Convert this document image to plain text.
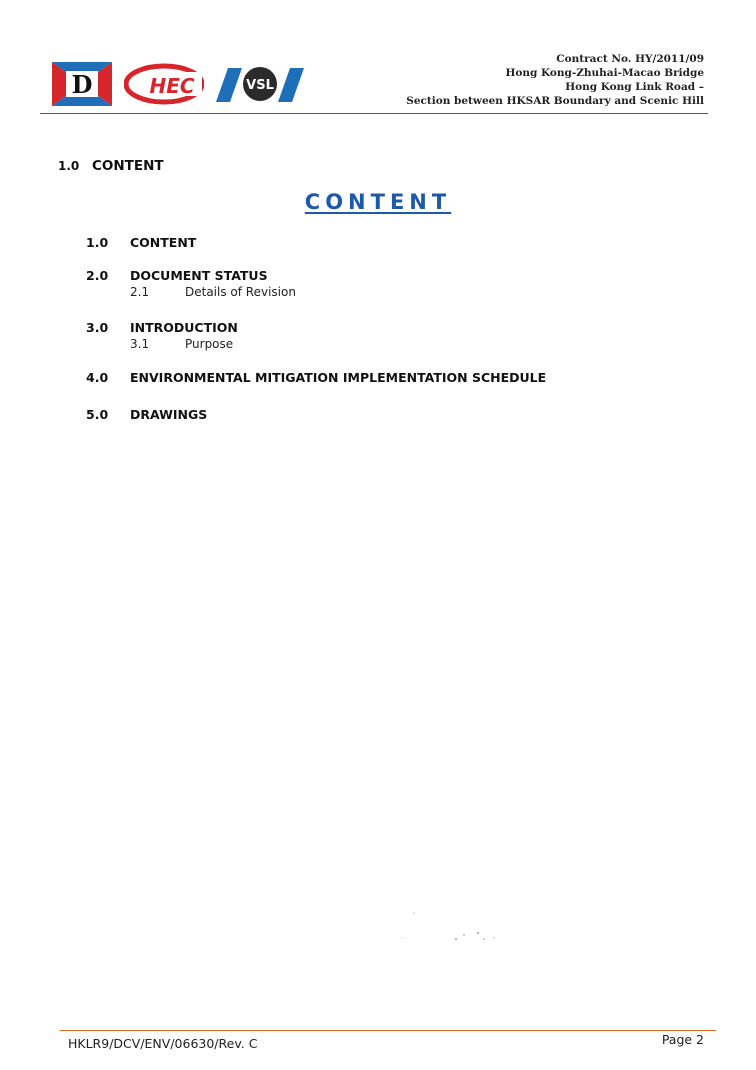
D	HEC	VSL
Contract No. HY/2011/09
Hong Kong-Zhuhai-Macao Bridge
Hong Kong Link Road –
Section between HKSAR Boundary and Scenic Hill
1.0 CONTENT
CONTENT
1.0 CONTENT
2.0 DOCUMENT STATUS
2.1	Details of Revision
3.0 INTRODUCTION
3.1	Purpose
4.0 ENVIRONMENTAL MITIGATION IMPLEMENTATION SCHEDULE
5.0 DRAWINGS
HKLR9/DCV/ENV/06630/Rev. C	Page 2
